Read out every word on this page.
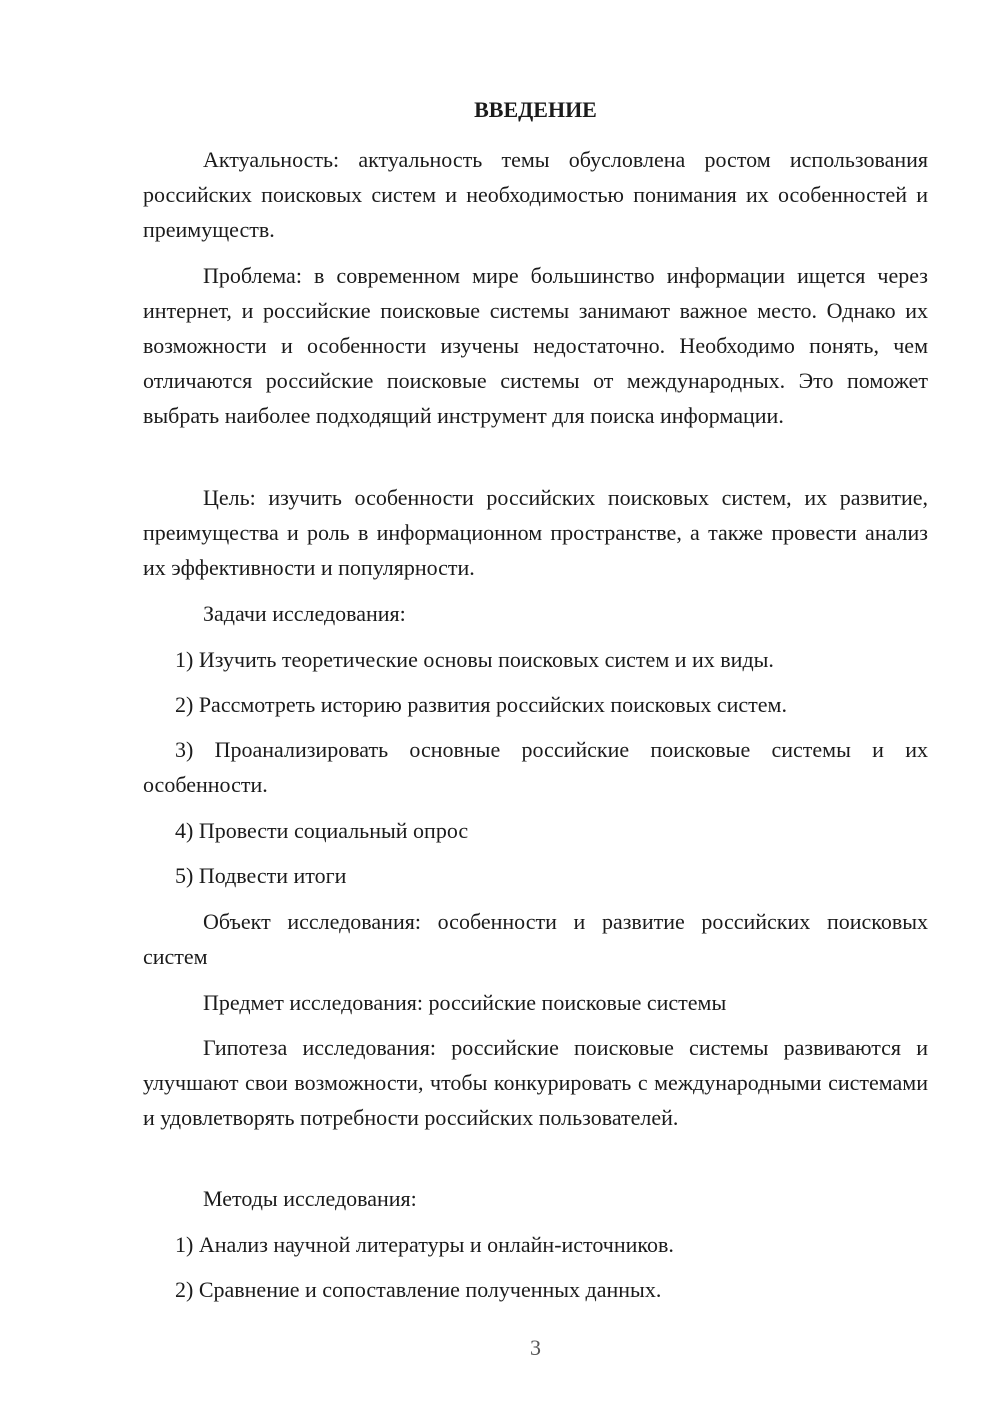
ВВЕДЕНИЕ

Актуальность: актуальность темы обусловлена ростом использования российских поисковых систем и необходимостью понимания их особенностей и преимуществ.

Проблема: в современном мире большинство информации ищется через интернет, и российские поисковые системы занимают важное место. Однако их возможности и особенности изучены недостаточно. Необходимо понять, чем отличаются российские поисковые системы от международных. Это поможет выбрать наиболее подходящий инструмент для поиска информации.

Цель: изучить особенности российских поисковых систем, их развитие, преимущества и роль в информационном пространстве, а также провести анализ их эффективности и популярности.

Задачи исследования:

1) Изучить теоретические основы поисковых систем и их виды.

2) Рассмотреть историю развития российских поисковых систем.

3) Проанализировать основные российские поисковые системы и их особенности.

4) Провести социальный опрос

5) Подвести итоги

Объект исследования: особенности и развитие российских поисковых систем

Предмет исследования: российские поисковые системы

Гипотеза исследования: российские поисковые системы развиваются и улучшают свои возможности, чтобы конкурировать с международными системами и удовлетворять потребности российских пользователей.

Методы исследования:

1) Анализ научной литературы и онлайн-источников.

2) Сравнение и сопоставление полученных данных.

3
